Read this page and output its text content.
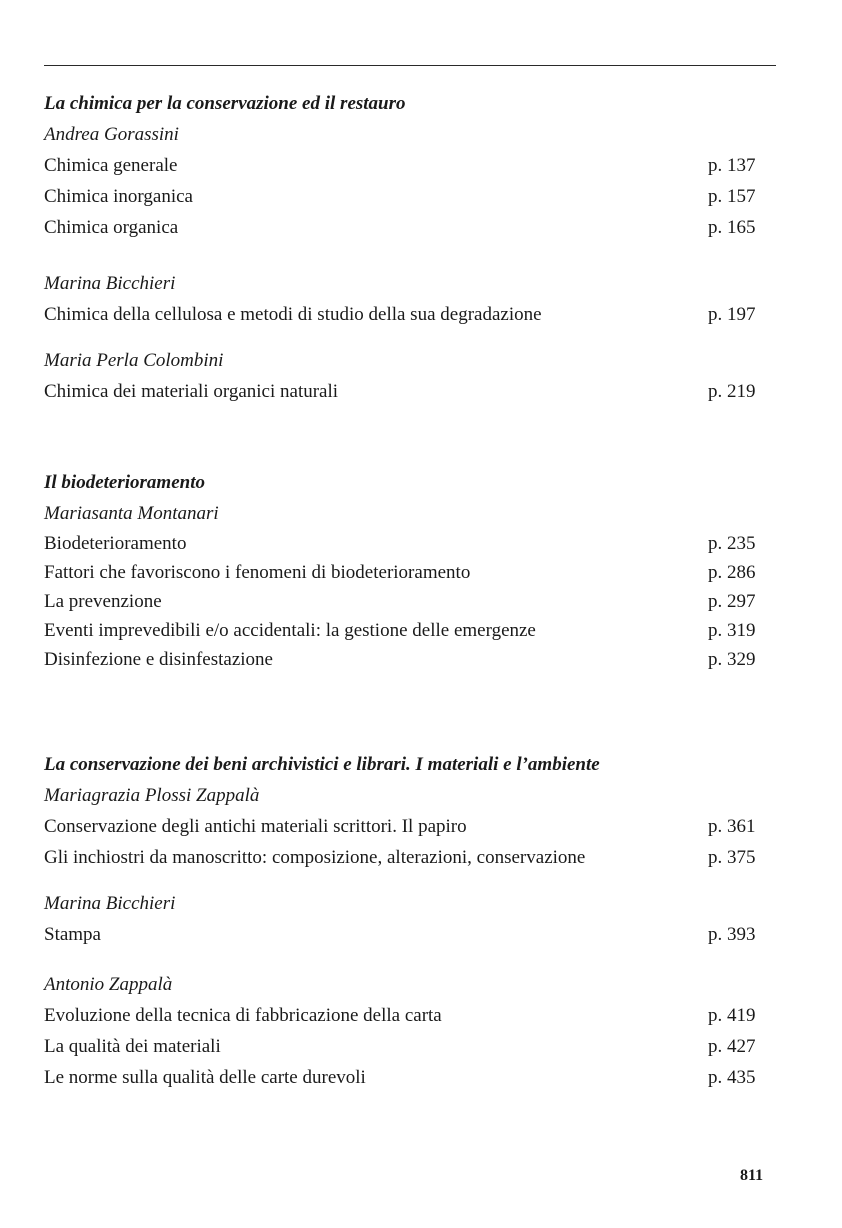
La chimica per la conservazione ed il restauro
Andrea Gorassini
Chimica generale	p. 137
Chimica inorganica	p. 157
Chimica organica	p. 165
Marina Bicchieri
Chimica della cellulosa e metodi di studio della sua degradazione	p. 197
Maria Perla Colombini
Chimica dei materiali organici naturali	p. 219
Il biodeterioramento
Mariasanta Montanari
Biodeterioramento	p. 235
Fattori che favoriscono i fenomeni di biodeterioramento	p. 286
La prevenzione	p. 297
Eventi imprevedibili e/o accidentali: la gestione delle emergenze	p. 319
Disinfezione e disinfestazione	p. 329
La conservazione dei beni archivistici e librari. I materiali e l’ambiente
Mariagrazia Plossi Zappalà
Conservazione degli antichi materiali scrittori. Il papiro	p. 361
Gli inchiostri da manoscritto: composizione, alterazioni, conservazione	p. 375
Marina Bicchieri
Stampa	p. 393
Antonio Zappalà
Evoluzione della tecnica di fabbricazione della carta	p. 419
La qualità dei materiali	p. 427
Le norme sulla qualità delle carte durevoli	p. 435
811
